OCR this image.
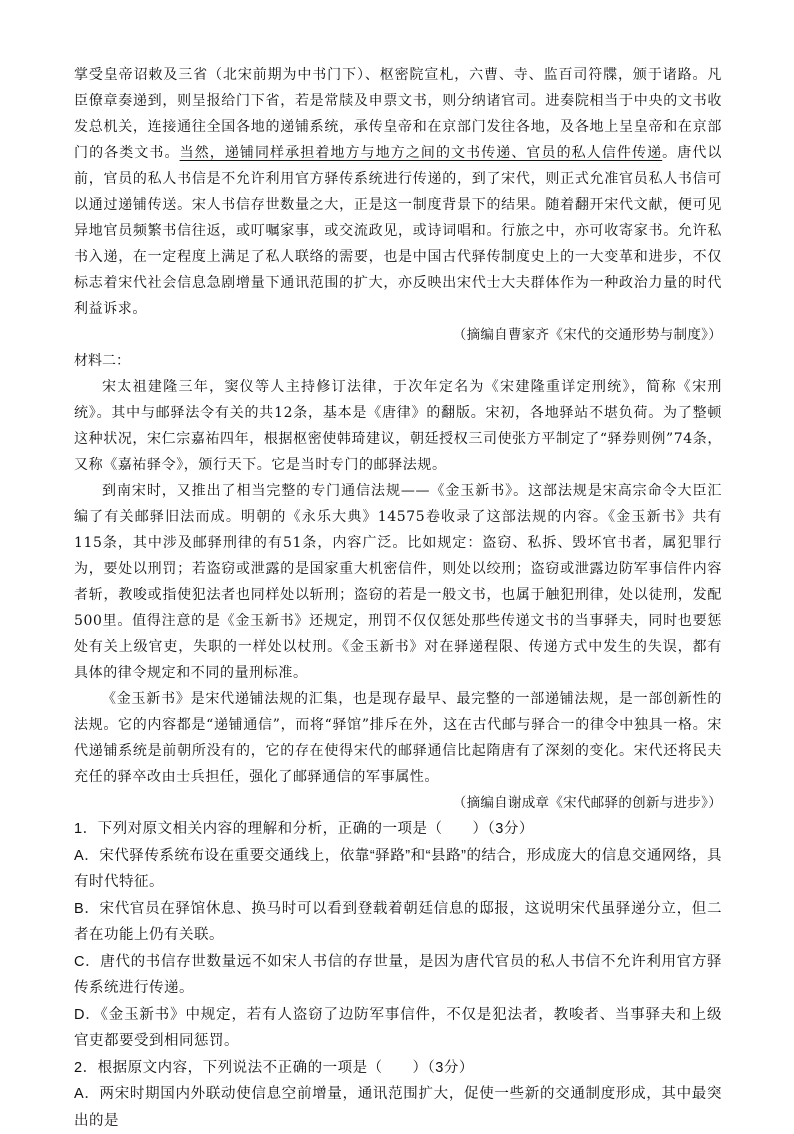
掌受皇帝诏敕及三省（北宋前期为中书门下）、枢密院宣札，六曹、寺、监百司符牒，颁于诸路。凡臣僚章奏递到，则呈报给门下省，若是常牍及申票文书，则分纳诸官司。进奏院相当于中央的文书收发总机关，连接通往全国各地的递铺系统，承传皇帝和在京部门发往各地，及各地上呈皇帝和在京部门的各类文书。当然，递铺同样承担着地方与地方之间的文书传递、官员的私人信件传递。唐代以前，官员的私人书信是不允许利用官方驿传系统进行传递的，到了宋代，则正式允准官员私人书信可以通过递铺传送。宋人书信存世数量之大，正是这一制度背景下的结果。随着翻开宋代文献，便可见异地官员频繁书信往返，或叮嘱家事，或交流政见，或诗词唱和。行旅之中，亦可收寄家书。允许私书入递，在一定程度上满足了私人联络的需要，也是中国古代驿传制度史上的一大变革和进步，不仅标志着宋代社会信息急剧增量下通讯范围的扩大，亦反映出宋代士大夫群体作为一种政治力量的时代利益诉求。

（摘编自曹家齐《宋代的交通形势与制度》）

材料二：

宋太祖建隆三年，窦仪等人主持修订法律，于次年定名为《宋建隆重详定刑统》，简称《宋刑统》。其中与邮驿法令有关的共12条，基本是《唐律》的翻版。宋初，各地驿站不堪负荷。为了整顿这种状况，宋仁宗嘉祐四年，根据枢密使韩琦建议，朝廷授权三司使张方平制定了“驿券则例”74条，又称《嘉祐驿令》，颁行天下。它是当时专门的邮驿法规。

到南宋时，又推出了相当完整的专门通信法规——《金玉新书》。这部法规是宋高宗命令大臣汇编了有关邮驿旧法而成。明朝的《永乐大典》14575卷收录了这部法规的内容。《金玉新书》共有115条，其中涉及邮驿刑律的有51条，内容广泛。比如规定：盗窃、私拆、毁坏官书者，属犯罪行为，要处以刑罚；若盗窃或泄露的是国家重大机密信件，则处以绞刑；盗窃或泄露边防军事信件内容者斩，教唆或指使犯法者也同样处以斩刑；盗窃的若是一般文书，也属于触犯刑律，处以徒刑，发配500里。值得注意的是《金玉新书》还规定，刑罚不仅仅惩处那些传递文书的当事驿夫，同时也要惩处有关上级官吏，失职的一样处以杖刑。《金玉新书》对在驿递程限、传递方式中发生的失误，都有具体的律令规定和不同的量刑标准。

《金玉新书》是宋代递铺法规的汇集，也是现存最早、最完整的一部递铺法规，是一部创新性的法规。它的内容都是“递铺通信”，而将“驿馆”排斥在外，这在古代邮与驿合一的律令中独具一格。宋代递铺系统是前朝所没有的，它的存在使得宋代的邮驿通信比起隋唐有了深刻的变化。宋代还将民夫充任的驿卒改由士兵担任，强化了邮驿通信的军事属性。

（摘编自谢成章《宋代邮驿的创新与进步》）

1．下列对原文相关内容的理解和分析，正确的一项是（　　）（3分）

A．宋代驿传系统布设在重要交通线上，依靠“驿路”和“县路”的结合，形成庞大的信息交通网络，具有时代特征。

B．宋代官员在驿馆休息、换马时可以看到登载着朝廷信息的邸报，这说明宋代虽驿递分立，但二者在功能上仍有关联。

C．唐代的书信存世数量远不如宋人书信的存世量，是因为唐代官员的私人书信不允许利用官方驿传系统进行传递。

D．《金玉新书》中规定，若有人盗窃了边防军事信件，不仅是犯法者，教唆者、当事驿夫和上级官吏都要受到相同惩罚。

2．根据原文内容，下列说法不正确的一项是（　　）（3分）

A．两宋时期国内外联动使信息空前增量，通讯范围扩大，促使一些新的交通制度形成，其中最突出的是
